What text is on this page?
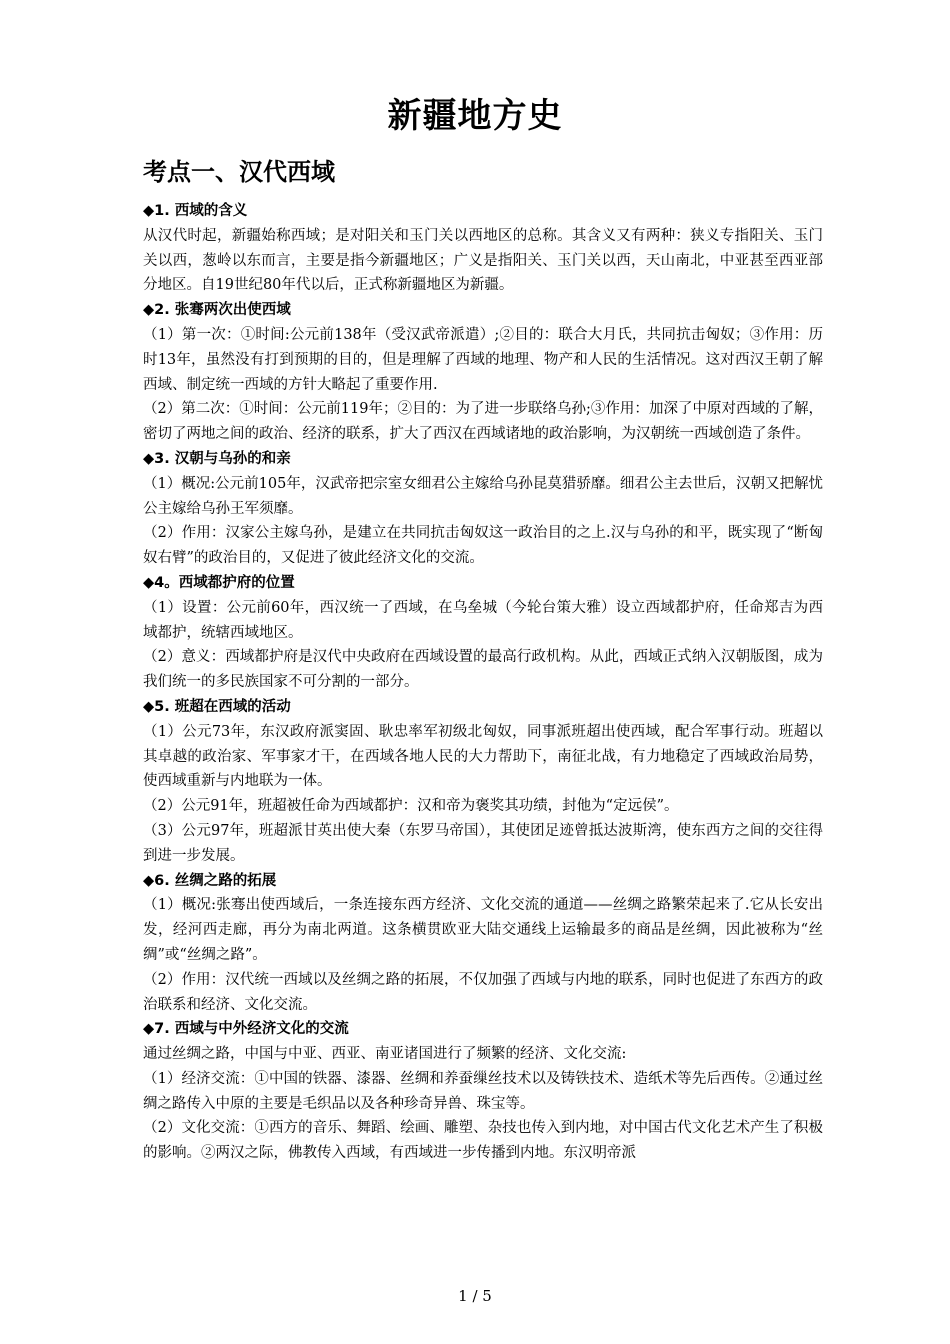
新疆地方史
考点一、汉代西域
◆1. 西域的含义
从汉代时起，新疆始称西域；是对阳关和玉门关以西地区的总称。其含义又有两种：狭义专指阳关、玉门关以西，葱岭以东而言，主要是指今新疆地区；广义是指阳关、玉门关以西，天山南北，中亚甚至西亚部分地区。自19世纪80年代以后，正式称新疆地区为新疆。
◆2. 张骞两次出使西域
（1）第一次：①时间:公元前138年（受汉武帝派遣）;②目的：联合大月氏，共同抗击匈奴；③作用：历时13年，虽然没有打到预期的目的，但是理解了西域的地理、物产和人民的生活情况。这对西汉王朝了解西域、制定统一西域的方针大略起了重要作用.
（2）第二次：①时间：公元前119年；②目的：为了进一步联络乌孙;③作用：加深了中原对西域的了解，密切了两地之间的政治、经济的联系，扩大了西汉在西域诸地的政治影响，为汉朝统一西域创造了条件。
◆3. 汉朝与乌孙的和亲
（1）概况:公元前105年，汉武帝把宗室女细君公主嫁给乌孙昆莫猎骄靡。细君公主去世后，汉朝又把解忧公主嫁给乌孙王军须靡。
（2）作用：汉家公主嫁乌孙，是建立在共同抗击匈奴这一政治目的之上.汉与乌孙的和平，既实现了“断匈奴右臂”的政治目的，又促进了彼此经济文化的交流。
◆4。西域都护府的位置
（1）设置：公元前60年，西汉统一了西域，在乌垒城（今轮台策大雅）设立西域都护府，任命郑吉为西域都护，统辖西域地区。
（2）意义：西域都护府是汉代中央政府在西域设置的最高行政机构。从此，西域正式纳入汉朝版图，成为我们统一的多民族国家不可分割的一部分。
◆5. 班超在西域的活动
（1）公元73年，东汉政府派窦固、耿忠率军初级北匈奴，同事派班超出使西域，配合军事行动。班超以其卓越的政治家、军事家才干，在西域各地人民的大力帮助下，南征北战，有力地稳定了西域政治局势，使西域重新与内地联为一体。
（2）公元91年，班超被任命为西域都护：汉和帝为褒奖其功绩，封他为“定远侯”。
（3）公元97年，班超派甘英出使大秦（东罗马帝国），其使团足迹曾抵达波斯湾，使东西方之间的交往得到进一步发展。
◆6. 丝绸之路的拓展
（1）概况:张骞出使西域后，一条连接东西方经济、文化交流的通道——丝绸之路繁荣起来了.它从长安出发，经河西走廊，再分为南北两道。这条横贯欧亚大陆交通线上运输最多的商品是丝绸，因此被称为“丝绸”或“丝绸之路”。
（2）作用：汉代统一西域以及丝绸之路的拓展，不仅加强了西域与内地的联系，同时也促进了东西方的政治联系和经济、文化交流。
◆7. 西域与中外经济文化的交流
通过丝绸之路，中国与中亚、西亚、南亚诸国进行了频繁的经济、文化交流:
（1）经济交流：①中国的铁器、漆器、丝绸和养蚕缫丝技术以及铸铁技术、造纸术等先后西传。②通过丝绸之路传入中原的主要是毛织品以及各种珍奇异兽、珠宝等。
（2）文化交流：①西方的音乐、舞蹈、绘画、雕塑、杂技也传入到内地，对中国古代文化艺术产生了积极的影响。②两汉之际，佛教传入西域，有西域进一步传播到内地。东汉明帝派
1 / 5
